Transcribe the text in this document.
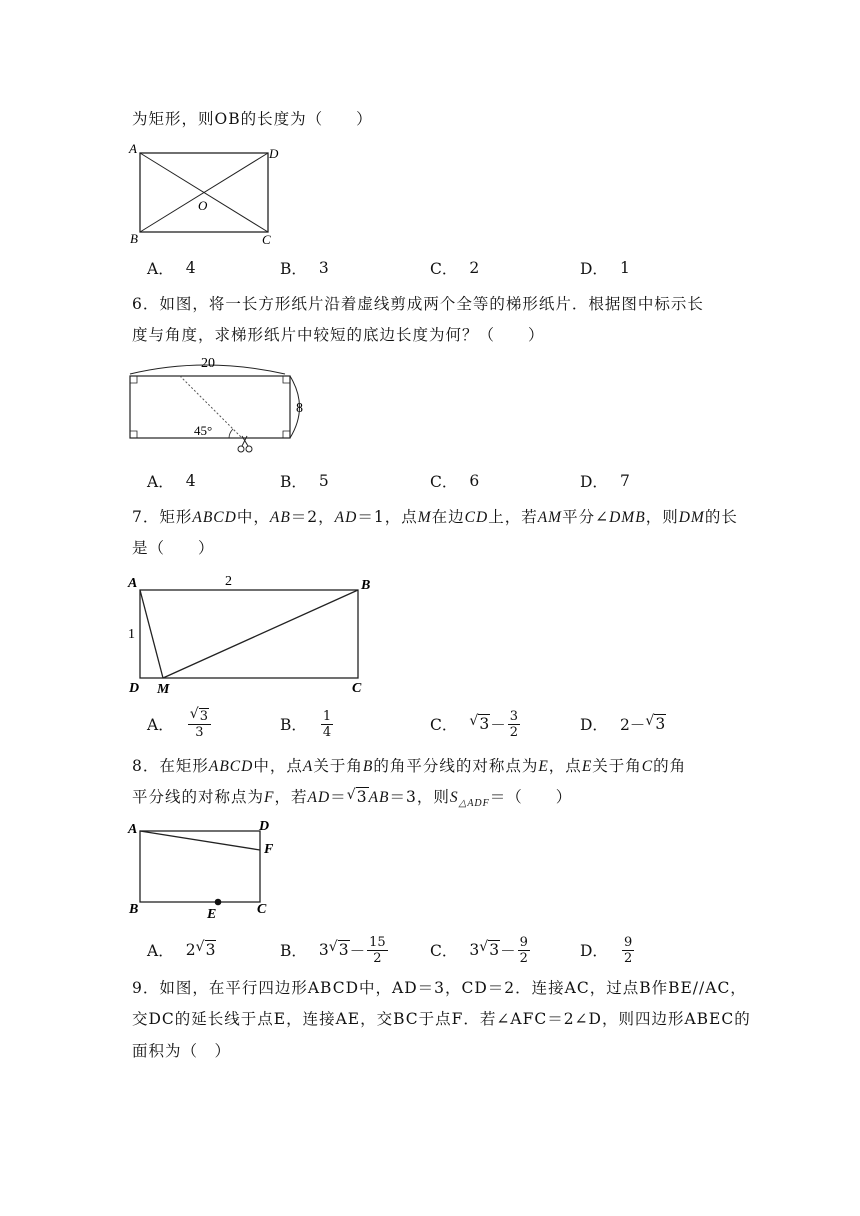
为矩形，则OB的长度为（　　）
A	D
B	C
O
A． 4	B． 3	C． 2	D． 1
6．如图，将一长方形纸片沿着虚线剪成两个全等的梯形纸片．根据图中标示长
度与角度，求梯形纸片中较短的底边长度为何？（　　）
20
45°
8
A． 4	B． 5	C． 6	D． 7
7．矩形ABCD中，AB＝2，AD＝1，点M在边CD上，若AM平分∠DMB，则DM的长
是（　　）
A	B
D M	C
2
1
A． √ $\frac{3}{3}$	B． $\frac{1}{4}$	C．	√ $3 - \frac{3}{2}$	D． 2－ √ 3
8．在矩形ABCD中，点A关于角B的角平分线的对称点为E，点E关于角C的角
平分线的对称点为F，若AD＝ √ 3AB＝3，则$S_{\triangle ADF}=$（　　）
A	D
F
B	E	C
A． 2 √ 3	B． 3 √ $3 - \frac{15}{2}$	C． 3 √ $3 - \frac{9}{2}$	D． $\frac{9}{2}$
9．如图，在平行四边形ABCD中，AD＝3，CD＝2．连接AC，过点B作BE//AC，
交DC的延长线于点E，连接AE，交BC于点F．若∠AFC＝2∠D，则四边形ABEC的
面积为（　）
